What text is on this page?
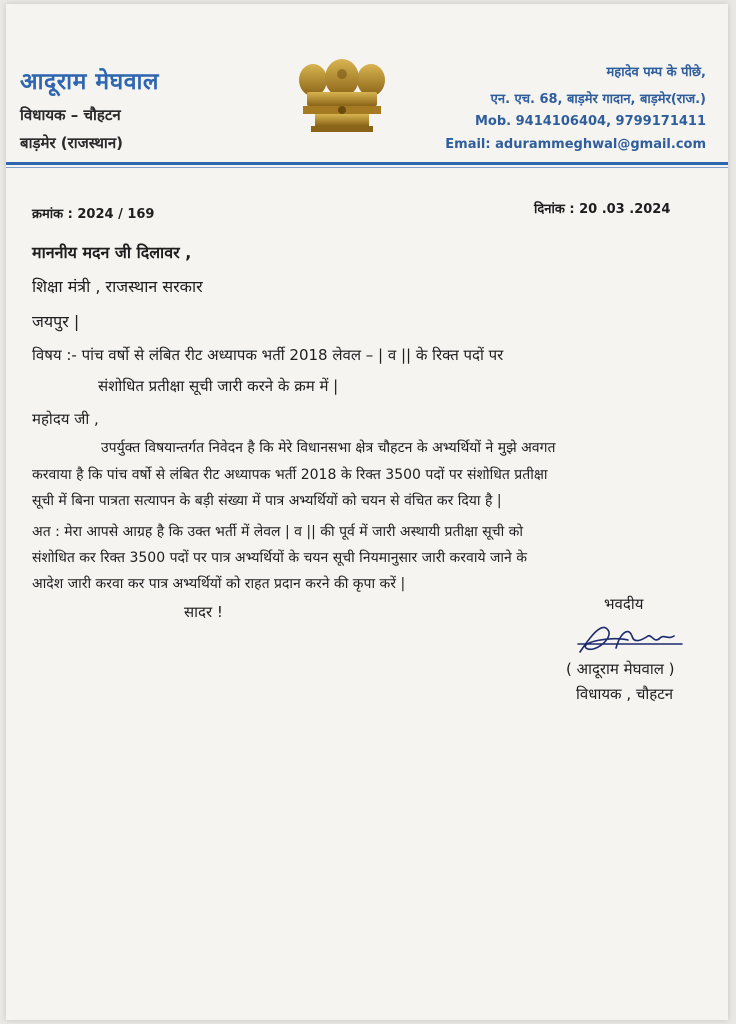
आदूराम मेघवाल
विधायक – चौहटन
बाड़मेर (राजस्थान)
महादेव पम्प के पीछे,
एन. एच. 68, बाड़मेर गादान, बाड़मेर(राज.)
Mob. 9414106404, 9799171411
Email: adurammeghwal@gmail.com
क्रमांक : 2024 / 169	दिनांक : 20 .03 .2024
माननीय मदन जी दिलावर ,
शिक्षा मंत्री , राजस्थान सरकार
जयपुर |
विषय :- पांच वर्षो से लंबित रीट अध्यापक भर्ती 2018 लेवल – | व || के रिक्त पदों पर
संशोधित प्रतीक्षा सूची जारी करने के क्रम में |
महोदय जी ,
उपर्युक्त विषयान्तर्गत निवेदन है कि मेरे विधानसभा क्षेत्र चौहटन के अभ्यर्थियों ने मुझे अवगत
करवाया है कि पांच वर्षो से लंबित रीट अध्यापक भर्ती 2018 के रिक्त 3500 पदों पर संशोधित प्रतीक्षा
सूची में बिना पात्रता सत्यापन के बड़ी संख्या में पात्र अभ्यर्थियों को चयन से वंचित कर दिया है |
अत : मेरा आपसे आग्रह है कि उक्त भर्ती में लेवल | व || की पूर्व में जारी अस्थायी प्रतीक्षा सूची को
संशोधित कर रिक्त 3500 पदों पर पात्र अभ्यर्थियों के चयन सूची नियमानुसार जारी करवाये जाने के
आदेश जारी करवा कर पात्र अभ्यर्थियों को राहत प्रदान करने की कृपा करें |
सादर !	भवदीय
( आदूराम मेघवाल )
विधायक , चौहटन
